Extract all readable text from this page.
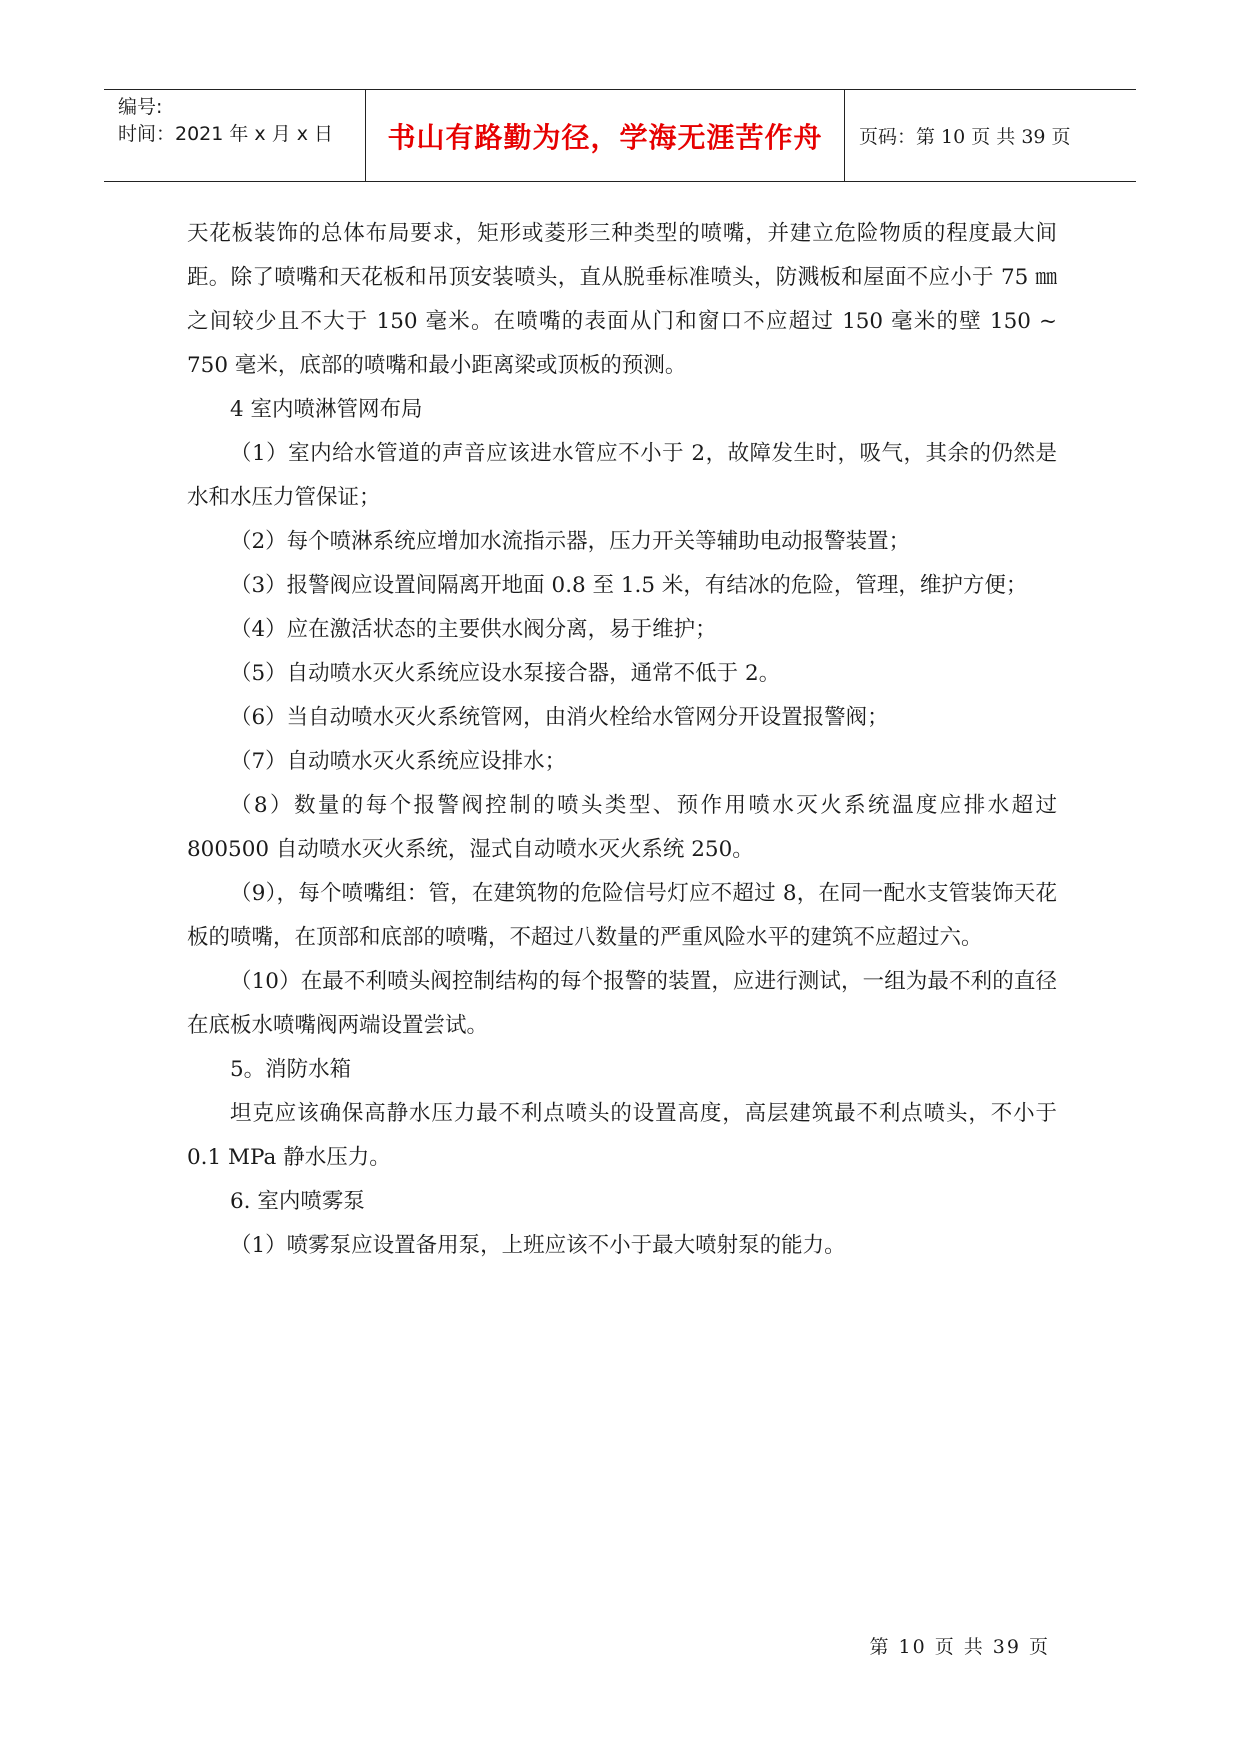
编号:
时间：2021 年 x 月 x 日	书山有路勤为径，学海无涯苦作舟 页码：第 10 页 共 39 页

天花板装饰的总体布局要求，矩形或菱形三种类型的喷嘴，并建立危险物质的程度最大间距。除了喷嘴和天花板和吊顶安装喷头，直从脱垂标准喷头，防溅板和屋面不应小于 75 ㎜ 之间较少且不大于 150 毫米。在喷嘴的表面从门和窗口不应超过 150 毫米的壁 150 ~ 750 毫米，底部的喷嘴和最小距离梁或顶板的预测。

4 室内喷淋管网布局

（1）室内给水管道的声音应该进水管应不小于 2，故障发生时，吸气，其余的仍然是水和水压力管保证；

（2）每个喷淋系统应增加水流指示器，压力开关等辅助电动报警装置；

（3）报警阀应设置间隔离开地面 0.8 至 1.5 米，有结冰的危险，管理，维护方便；

（4）应在激活状态的主要供水阀分离，易于维护；

（5）自动喷水灭火系统应设水泵接合器，通常不低于 2。

（6）当自动喷水灭火系统管网，由消火栓给水管网分开设置报警阀；

（7）自动喷水灭火系统应设排水；

（8）数量的每个报警阀控制的喷头类型、预作用喷水灭火系统温度应排水超过 800500 自动喷水灭火系统，湿式自动喷水灭火系统 250。

（9），每个喷嘴组：管，在建筑物的危险信号灯应不超过 8，在同一配水支管装饰天花板的喷嘴，在顶部和底部的喷嘴，不超过八数量的严重风险水平的建筑不应超过六。

（10）在最不利喷头阀控制结构的每个报警的装置，应进行测试，一组为最不利的直径在底板水喷嘴阀两端设置尝试。

5。消防水箱

坦克应该确保高静水压力最不利点喷头的设置高度，高层建筑最不利点喷头，不小于 0.1 MPa 静水压力。

6. 室内喷雾泵

（1）喷雾泵应设置备用泵，上班应该不小于最大喷射泵的能力。

第 10 页 共 39 页
